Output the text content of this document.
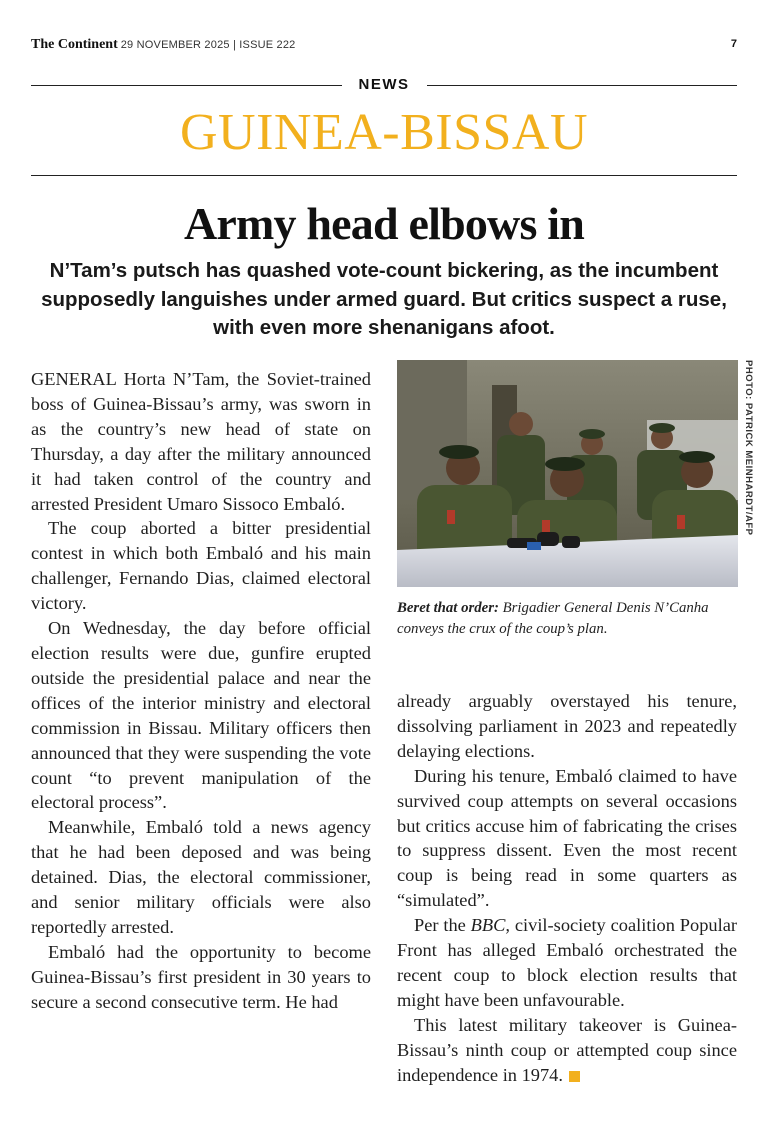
The Continent 29 NOVEMBER 2025 | ISSUE 222	7
NEWS
GUINEA-BISSAU
Army head elbows in
N’Tam’s putsch has quashed vote-count bickering, as the incumbent supposedly languishes under armed guard. But critics suspect a ruse, with even more shenanigans afoot.

GENERAL Horta N’Tam, the Soviet-trained boss of Guinea-Bissau’s army, was sworn in as the country’s new head of state on Thursday, a day after the military announced it had taken control of the country and arrested President Umaro Sissoco Embaló.

The coup aborted a bitter presidential contest in which both Embaló and his main challenger, Fernando Dias, claimed electoral victory.

On Wednesday, the day before official election results were due, gunfire erupted outside the presidential palace and near the offices of the interior ministry and electoral commission in Bissau. Military officers then announced that they were suspending the vote count “to prevent manipulation of the electoral process”.

Meanwhile, Embaló told a news agency that he had been deposed and was being detained. Dias, the electoral commissioner, and senior military officials were also reportedly arrested.

Embaló had the opportunity to become Guinea-Bissau’s first president in 30 years to secure a second consecutive term. He had

PHOTO: PATRICK MEINHARDT/AFP
Beret that order: Brigadier General Denis N’Canha conveys the crux of the coup’s plan.

already arguably overstayed his tenure, dissolving parliament in 2023 and repeatedly delaying elections.

During his tenure, Embaló claimed to have survived coup attempts on several occasions but critics accuse him of fabricating the crises to suppress dissent. Even the most recent coup is being read in some quarters as “simulated”.

Per the BBC, civil-society coalition Popular Front has alleged Embaló orchestrated the recent coup to block election results that might have been unfavourable.

This latest military takeover is Guinea-Bissau’s ninth coup or attempted coup since independence in 1974.
